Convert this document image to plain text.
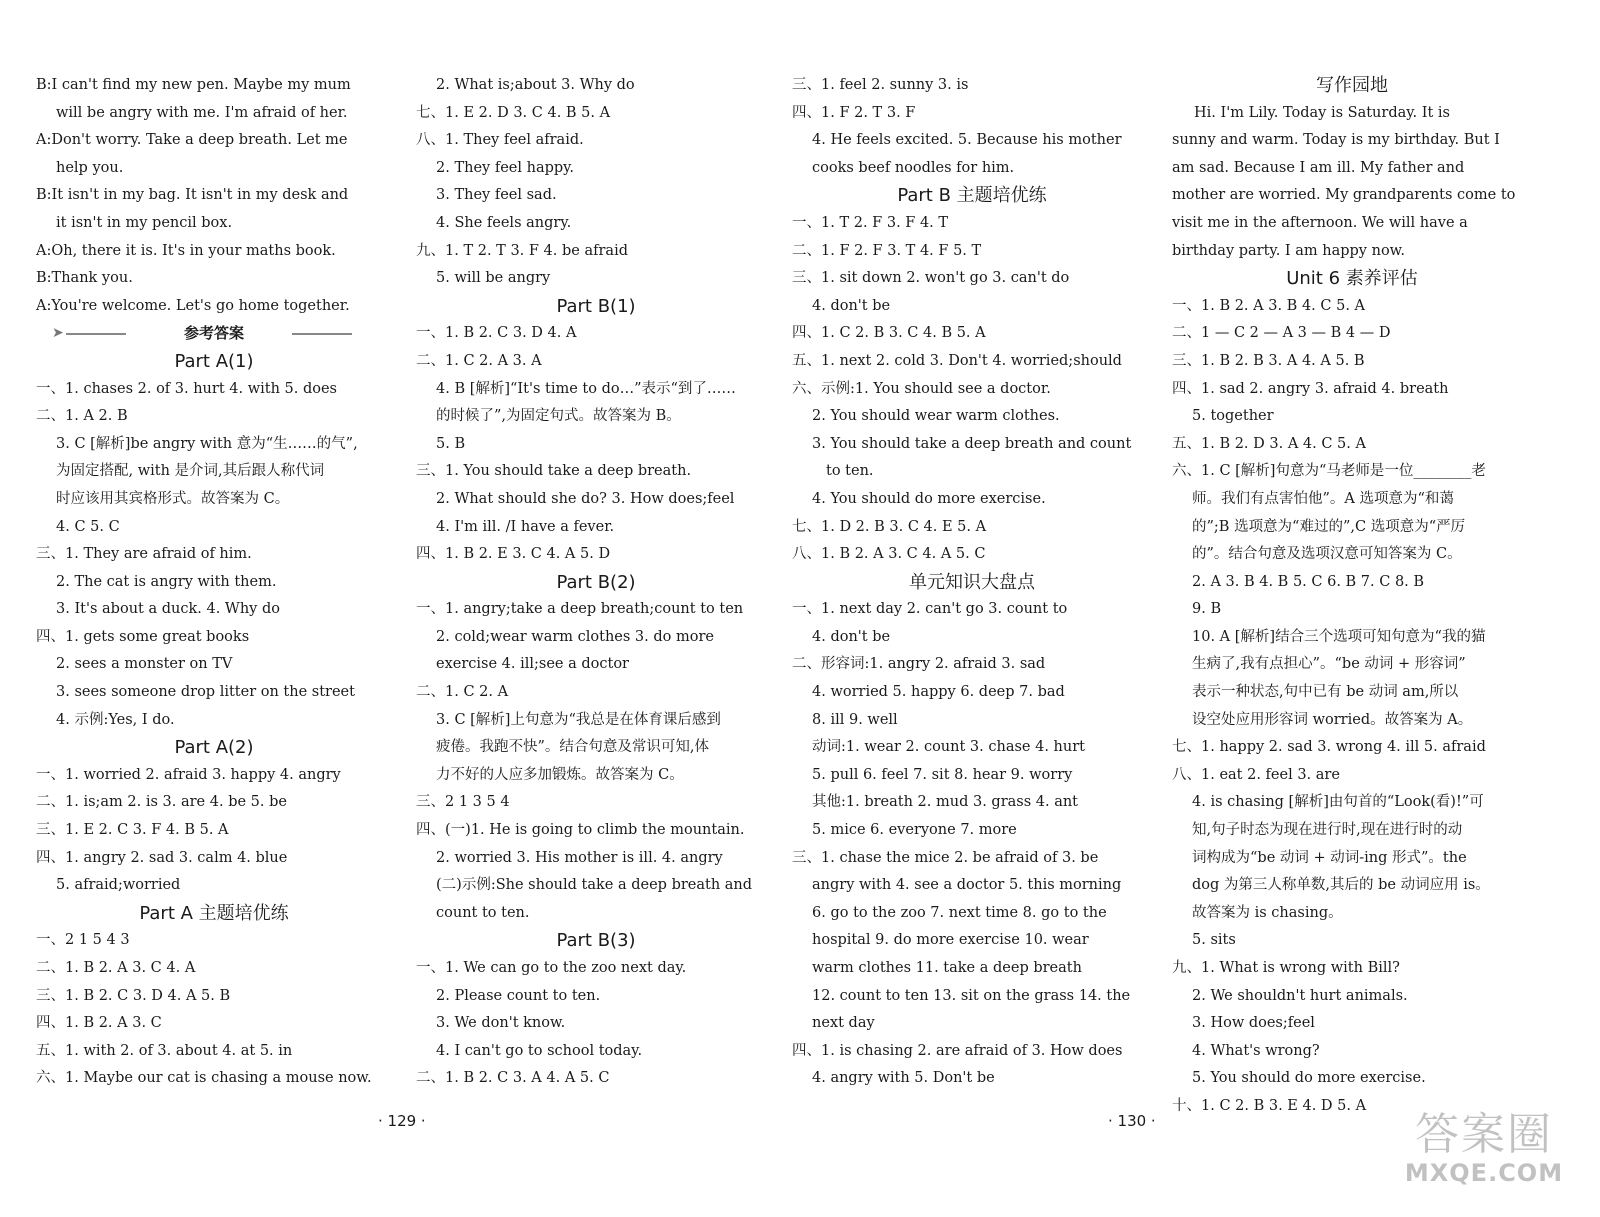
B:I can't find my new pen. Maybe my mum
will be angry with me. I'm afraid of her.
A:Don't worry. Take a deep breath. Let me
help you.
B:It isn't in my bag. It isn't in my desk and
it isn't in my pencil box.
A:Oh, there it is. It's in your maths book.
B:Thank you.
A:You're welcome. Let's go home together.
参考答案
➤
Part A(1)
一、1. chases 2. of 3. hurt 4. with 5. does
二、1. A 2. B
3. C [解析]be angry with 意为“生……的气”,
为固定搭配, with 是介词,其后跟人称代词
时应该用其宾格形式。故答案为 C。
4. C 5. C
三、1. They are afraid of him.
2. The cat is angry with them.
3. It's about a duck. 4. Why do
四、1. gets some great books
2. sees a monster on TV
3. sees someone drop litter on the street
4. 示例:Yes, I do.
Part A(2)
一、1. worried 2. afraid 3. happy 4. angry
二、1. is;am 2. is 3. are 4. be 5. be
三、1. E 2. C 3. F 4. B 5. A
四、1. angry 2. sad 3. calm 4. blue
5. afraid;worried
Part A 主题培优练
一、2 1 5 4 3
二、1. B 2. A 3. C 4. A
三、1. B 2. C 3. D 4. A 5. B
四、1. B 2. A 3. C
五、1. with 2. of 3. about 4. at 5. in
六、1. Maybe our cat is chasing a mouse now.
2. What is;about 3. Why do
七、1. E 2. D 3. C 4. B 5. A
八、1. They feel afraid.
2. They feel happy.
3. They feel sad.
4. She feels angry.
九、1. T 2. T 3. F 4. be afraid
5. will be angry
Part B(1)
一、1. B 2. C 3. D 4. A
二、1. C 2. A 3. A
4. B [解析]“It's time to do…”表示“到了……
的时候了”,为固定句式。故答案为 B。
5. B
三、1. You should take a deep breath.
2. What should she do? 3. How does;feel
4. I'm ill. /I have a fever.
四、1. B 2. E 3. C 4. A 5. D
Part B(2)
一、1. angry;take a deep breath;count to ten
2. cold;wear warm clothes 3. do more
exercise 4. ill;see a doctor
二、1. C 2. A
3. C [解析]上句意为“我总是在体育课后感到
疲倦。我跑不快”。结合句意及常识可知,体
力不好的人应多加锻炼。故答案为 C。
三、2 1 3 5 4
四、(一)1. He is going to climb the mountain.
2. worried 3. His mother is ill. 4. angry
(二)示例:She should take a deep breath and
count to ten.
Part B(3)
一、1. We can go to the zoo next day.
2. Please count to ten.
3. We don't know.
4. I can't go to school today.
二、1. B 2. C 3. A 4. A 5. C
三、1. feel 2. sunny 3. is
四、1. F 2. T 3. F
4. He feels excited. 5. Because his mother
cooks beef noodles for him.
Part B 主题培优练
一、1. T 2. F 3. F 4. T
二、1. F 2. F 3. T 4. F 5. T
三、1. sit down 2. won't go 3. can't do
4. don't be
四、1. C 2. B 3. C 4. B 5. A
五、1. next 2. cold 3. Don't 4. worried;should
六、示例:1. You should see a doctor.
2. You should wear warm clothes.
3. You should take a deep breath and count
to ten.
4. You should do more exercise.
七、1. D 2. B 3. C 4. E 5. A
八、1. B 2. A 3. C 4. A 5. C
单元知识大盘点
一、1. next day 2. can't go 3. count to
4. don't be
二、形容词:1. angry 2. afraid 3. sad
4. worried 5. happy 6. deep 7. bad
8. ill 9. well
动词:1. wear 2. count 3. chase 4. hurt
5. pull 6. feel 7. sit 8. hear 9. worry
其他:1. breath 2. mud 3. grass 4. ant
5. mice 6. everyone 7. more
三、1. chase the mice 2. be afraid of 3. be
angry with 4. see a doctor 5. this morning
6. go to the zoo 7. next time 8. go to the
hospital 9. do more exercise 10. wear
warm clothes 11. take a deep breath
12. count to ten 13. sit on the grass 14. the
next day
四、1. is chasing 2. are afraid of 3. How does
4. angry with 5. Don't be
写作园地
Hi. I'm Lily. Today is Saturday. It is
sunny and warm. Today is my birthday. But I
am sad. Because I am ill. My father and
mother are worried. My grandparents come to
visit me in the afternoon. We will have a
birthday party. I am happy now.
Unit 6 素养评估
一、1. B 2. A 3. B 4. C 5. A
二、1 — C 2 — A 3 — B 4 — D
三、1. B 2. B 3. A 4. A 5. B
四、1. sad 2. angry 3. afraid 4. breath
5. together
五、1. B 2. D 3. A 4. C 5. A
六、1. C [解析]句意为“马老师是一位________老
师。我们有点害怕他”。A 选项意为“和蔼
的”;B 选项意为“难过的”,C 选项意为“严厉
的”。结合句意及选项汉意可知答案为 C。
2. A 3. B 4. B 5. C 6. B 7. C 8. B
9. B
10. A [解析]结合三个选项可知句意为“我的猫
生病了,我有点担心”。“be 动词 + 形容词”
表示一种状态,句中已有 be 动词 am,所以
设空处应用形容词 worried。故答案为 A。
七、1. happy 2. sad 3. wrong 4. ill 5. afraid
八、1. eat 2. feel 3. are
4. is chasing [解析]由句首的“Look(看)!”可
知,句子时态为现在进行时,现在进行时的动
词构成为“be 动词 + 动词-ing 形式”。the
dog 为第三人称单数,其后的 be 动词应用 is。
故答案为 is chasing。
5. sits
九、1. What is wrong with Bill?
2. We shouldn't hurt animals.
3. How does;feel
4. What's wrong?
5. You should do more exercise.
十、1. C 2. B 3. E 4. D 5. A
· 129 ·	· 130 ·	答案圈
MXQE.COM
